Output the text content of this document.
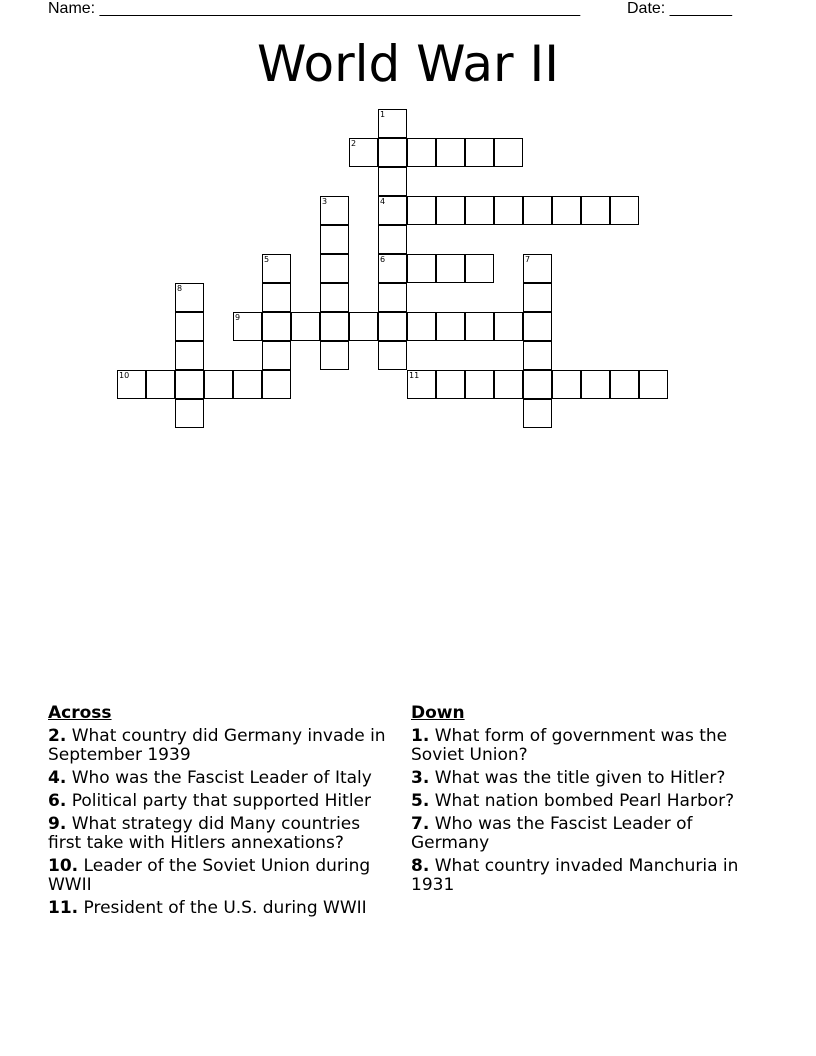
Name: ______________________________________________________	Date: _______
World War II
1
4
6
2
3
5	7
8
9
10	11
Across
2. What country did Germany invade in September 1939
4. Who was the Fascist Leader of Italy
6. Political party that supported Hitler
9. What strategy did Many countries first take with Hitlers annexations?
10. Leader of the Soviet Union during WWII
11. President of the U.S. during WWII
Down
1. What form of government was the Soviet Union?
3. What was the title given to Hitler?
5. What nation bombed Pearl Harbor?
7. Who was the Fascist Leader of Germany
8. What country invaded Manchuria in 1931
